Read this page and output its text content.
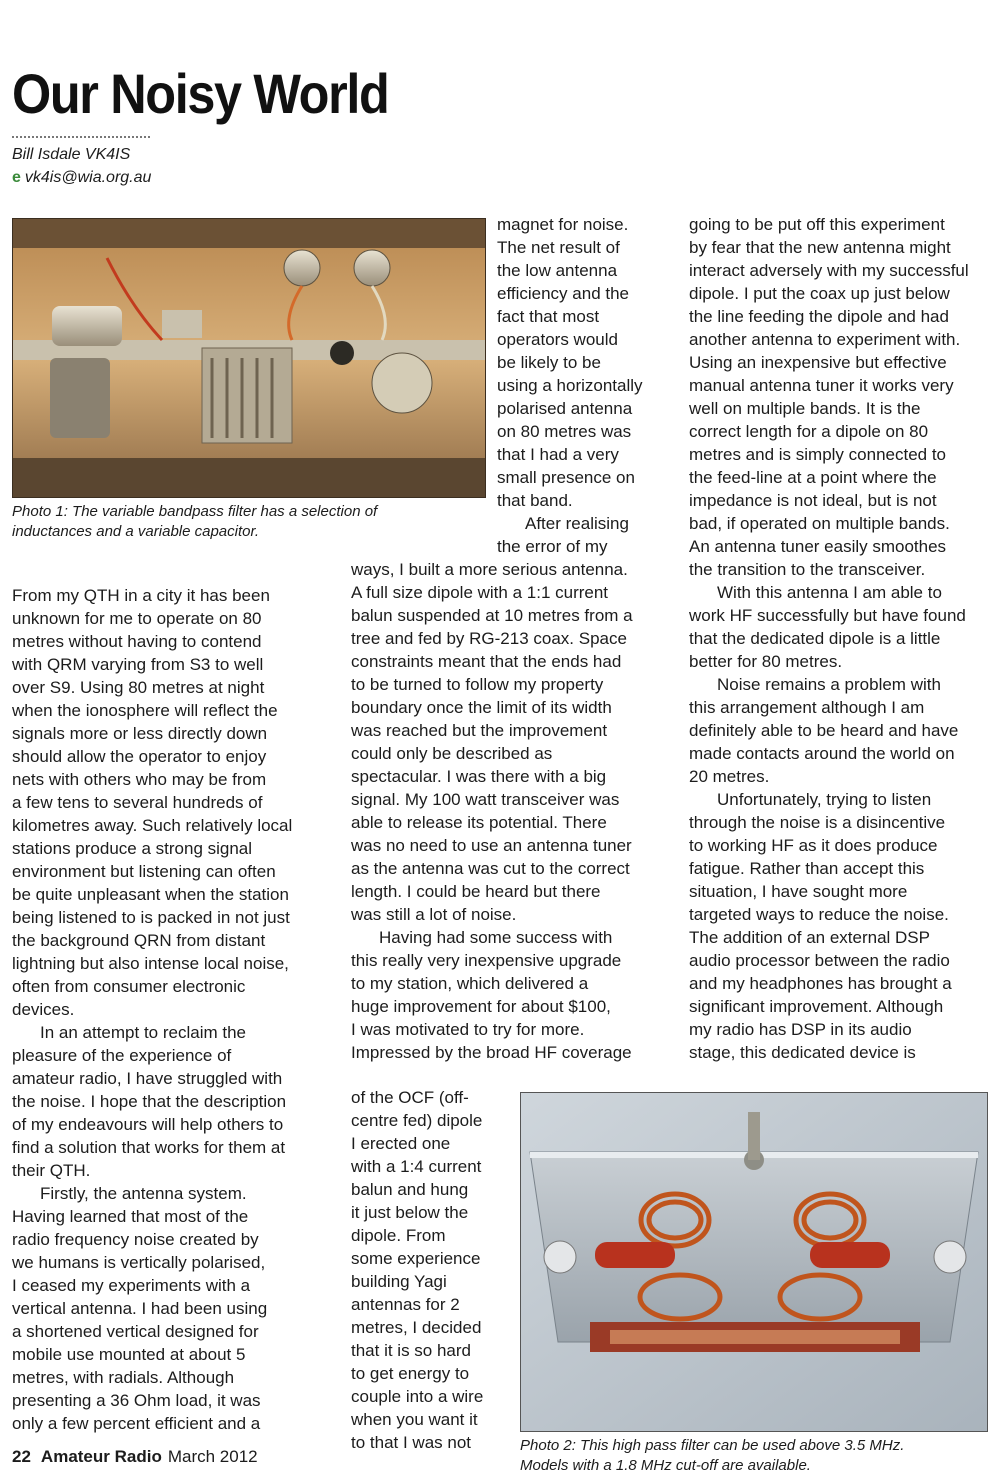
Our Noisy World
Bill Isdale VK4IS
e vk4is@wia.org.au
Photo 1: The variable bandpass filter has a selection of
inductances and a variable capacitor.
From my QTH in a city it has been
unknown for me to operate on 80
metres without having to contend
with QRM varying from S3 to well
over S9. Using 80 metres at night
when the ionosphere will reflect the
signals more or less directly down
should allow the operator to enjoy
nets with others who may be from
a few tens to several hundreds of
kilometres away. Such relatively local
stations produce a strong signal
environment but listening can often
be quite unpleasant when the station
being listened to is packed in not just
the background QRN from distant
lightning but also intense local noise,
often from consumer electronic
devices.
In an attempt to reclaim the
pleasure of the experience of
amateur radio, I have struggled with
the noise. I hope that the description
of my endeavours will help others to
find a solution that works for them at
their QTH.
Firstly, the antenna system.
Having learned that most of the
radio frequency noise created by
we humans is vertically polarised,
I ceased my experiments with a
vertical antenna. I had been using
a shortened vertical designed for
mobile use mounted at about 5
metres, with radials. Although
presenting a 36 Ohm load, it was
only a few percent efficient and a
magnet for noise.
The net result of
the low antenna
efficiency and the
fact that most
operators would
be likely to be
using a horizontally
polarised antenna
on 80 metres was
that I had a very
small presence on
that band.
After realising
the error of my
ways, I built a more serious antenna.
A full size dipole with a 1:1 current
balun suspended at 10 metres from a
tree and fed by RG-213 coax. Space
constraints meant that the ends had
to be turned to follow my property
boundary once the limit of its width
was reached but the improvement
could only be described as
spectacular. I was there with a big
signal. My 100 watt transceiver was
able to release its potential. There
was no need to use an antenna tuner
as the antenna was cut to the correct
length. I could be heard but there
was still a lot of noise.
Having had some success with
this really very inexpensive upgrade
to my station, which delivered a
huge improvement for about $100,
I was motivated to try for more.
Impressed by the broad HF coverage
of the OCF (off-
centre fed) dipole
I erected one
with a 1:4 current
balun and hung
it just below the
dipole. From
some experience
building Yagi
antennas for 2
metres, I decided
that it is so hard
to get energy to
couple into a wire
when you want it
to that I was not
going to be put off this experiment
by fear that the new antenna might
interact adversely with my successful
dipole. I put the coax up just below
the line feeding the dipole and had
another antenna to experiment with.
Using an inexpensive but effective
manual antenna tuner it works very
well on multiple bands. It is the
correct length for a dipole on 80
metres and is simply connected to
the feed-line at a point where the
impedance is not ideal, but is not
bad, if operated on multiple bands.
An antenna tuner easily smoothes
the transition to the transceiver.
With this antenna I am able to
work HF successfully but have found
that the dedicated dipole is a little
better for 80 metres.
Noise remains a problem with
this arrangement although I am
definitely able to be heard and have
made contacts around the world on
20 metres.
Unfortunately, trying to listen
through the noise is a disincentive
to working HF as it does produce
fatigue. Rather than accept this
situation, I have sought more
targeted ways to reduce the noise.
The addition of an external DSP
audio processor between the radio
and my headphones has brought a
significant improvement. Although
my radio has DSP in its audio
stage, this dedicated device is
Photo 2: This high pass filter can be used above 3.5 MHz.
Models with a 1.8 MHz cut-off are available.
22 Amateur Radio March 2012
